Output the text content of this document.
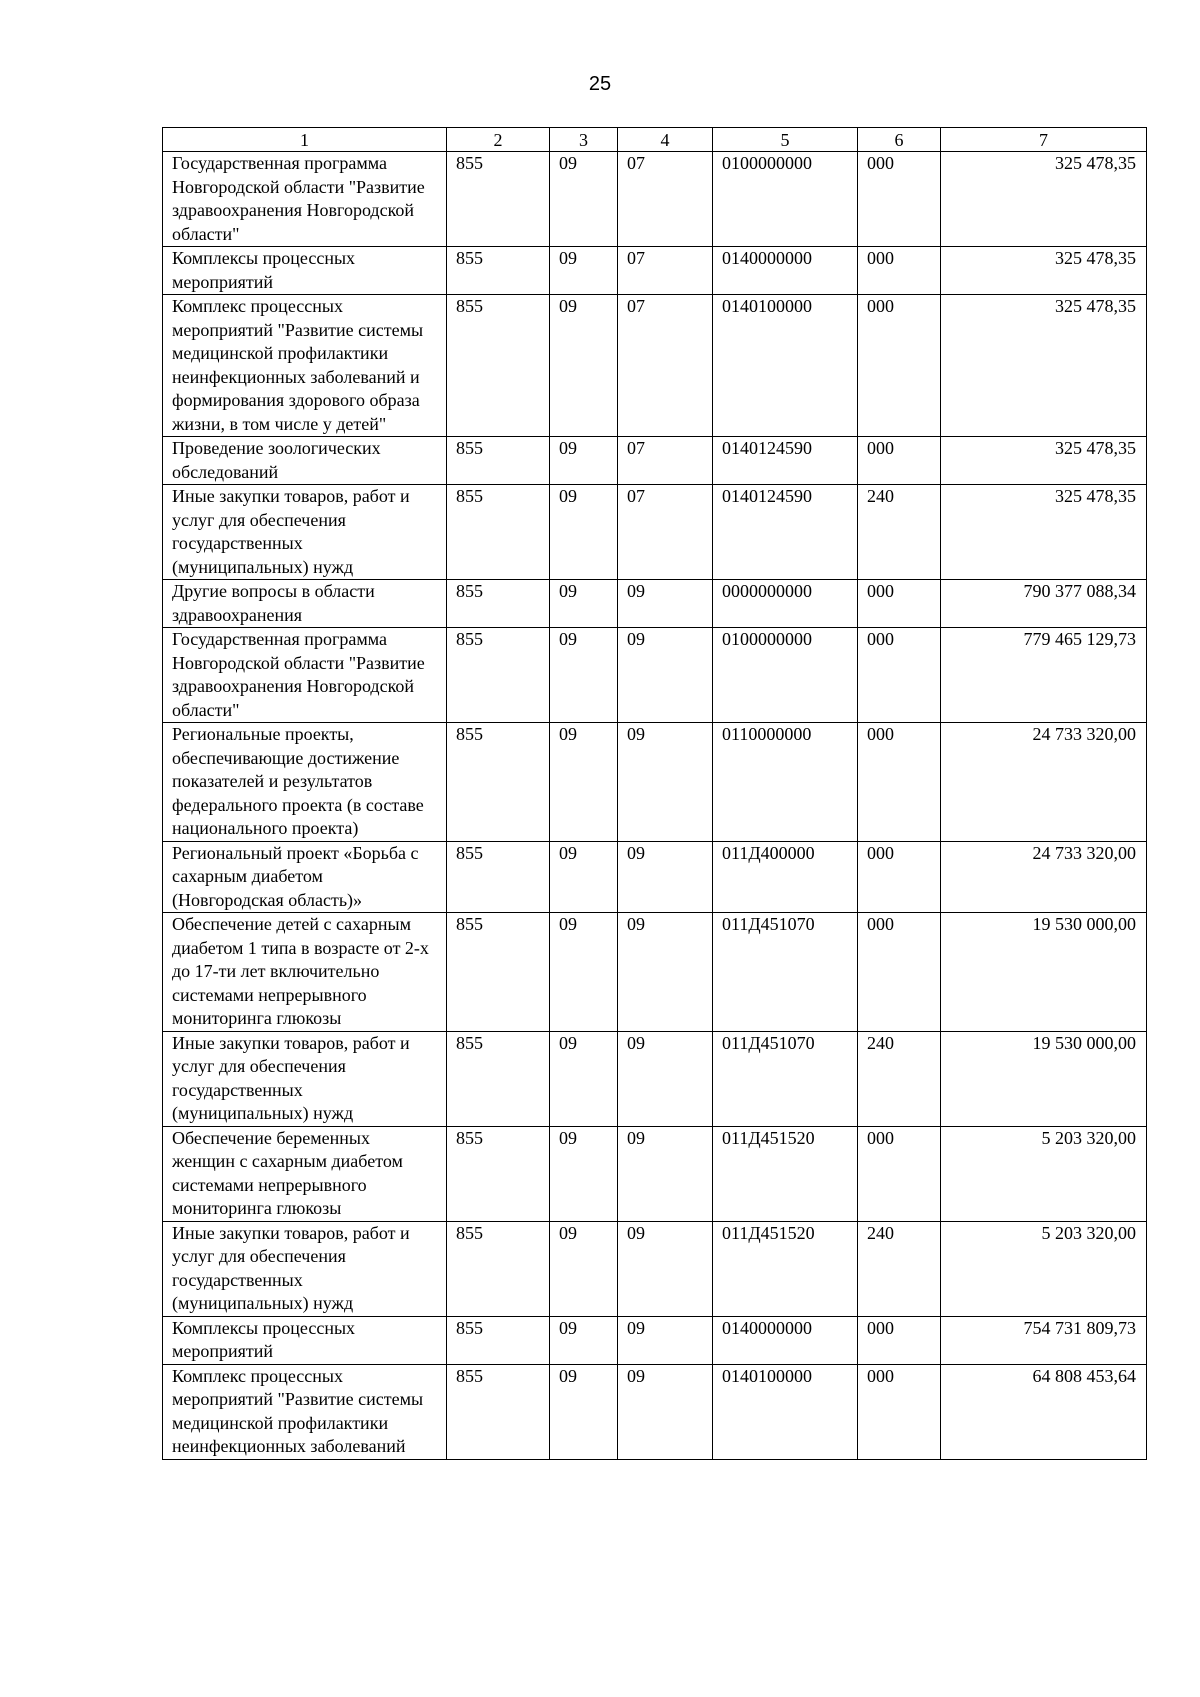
25
1	2	3	4	5	6	7
Государственная программа Новгородской области "Развитие здравоохранения Новгородской области"	855	09	07	0100000000	000	325 478,35
Комплексы процессных мероприятий	855	09	07	0140000000	000	325 478,35
Комплекс процессных мероприятий "Развитие системы медицинской профилактики неинфекционных заболеваний и формирования здорового образа жизни, в том числе у детей"	855	09	07	0140100000	000	325 478,35
Проведение зоологических обследований	855	09	07	0140124590	000	325 478,35
Иные закупки товаров, работ и услуг для обеспечения государственных (муниципальных) нужд	855	09	07	0140124590	240	325 478,35
Другие вопросы в области здравоохранения	855	09	09	0000000000	000	790 377 088,34
Государственная программа Новгородской области "Развитие здравоохранения Новгородской области"	855	09	09	0100000000	000	779 465 129,73
Региональные проекты, обеспечивающие достижение показателей и результатов федерального проекта (в составе национального проекта)	855	09	09	0110000000	000	24 733 320,00
Региональный проект «Борьба с сахарным диабетом (Новгородская область)»	855	09	09	011Д400000	000	24 733 320,00
Обеспечение детей с сахарным диабетом 1 типа в возрасте от 2-х до 17-ти лет включительно системами непрерывного мониторинга глюкозы	855	09	09	011Д451070	000	19 530 000,00
Иные закупки товаров, работ и услуг для обеспечения государственных (муниципальных) нужд	855	09	09	011Д451070	240	19 530 000,00
Обеспечение беременных женщин с сахарным диабетом системами непрерывного мониторинга глюкозы	855	09	09	011Д451520	000	5 203 320,00
Иные закупки товаров, работ и услуг для обеспечения государственных (муниципальных) нужд	855	09	09	011Д451520	240	5 203 320,00
Комплексы процессных мероприятий	855	09	09	0140000000	000	754 731 809,73
Комплекс процессных мероприятий "Развитие системы медицинской профилактики неинфекционных заболеваний	855	09	09	0140100000	000	64 808 453,64
